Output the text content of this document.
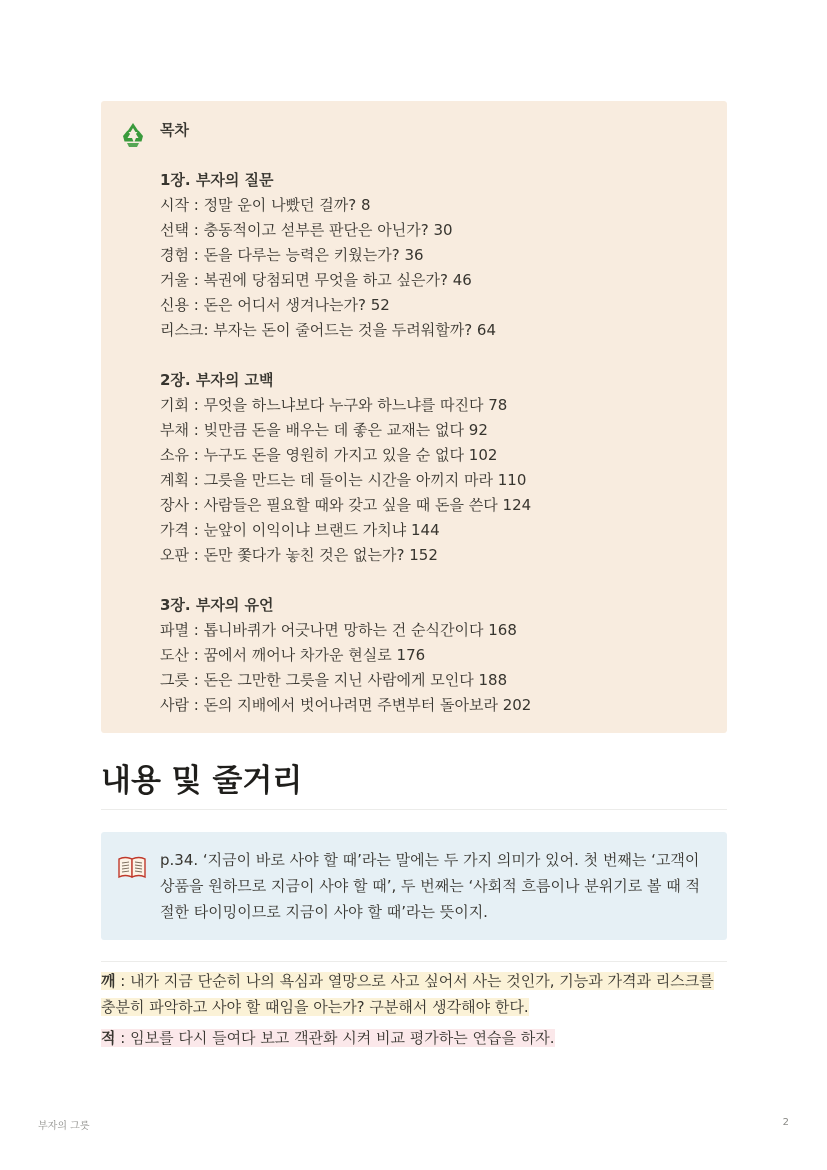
목차
1장. 부자의 질문
시작 : 정말 운이 나빴던 걸까? 8
선택 : 충동적이고 섣부른 판단은 아닌가? 30
경험 : 돈을 다루는 능력은 키웠는가? 36
거울 : 복권에 당첨되면 무엇을 하고 싶은가? 46
신용 : 돈은 어디서 생겨나는가? 52
리스크: 부자는 돈이 줄어드는 것을 두려워할까? 64
2장. 부자의 고백
기회 : 무엇을 하느냐보다 누구와 하느냐를 따진다 78
부채 : 빚만큼 돈을 배우는 데 좋은 교재는 없다 92
소유 : 누구도 돈을 영원히 가지고 있을 순 없다 102
계획 : 그릇을 만드는 데 들이는 시간을 아끼지 마라 110
장사 : 사람들은 필요할 때와 갖고 싶을 때 돈을 쓴다 124
가격 : 눈앞이 이익이냐 브랜드 가치냐 144
오판 : 돈만 쫓다가 놓친 것은 없는가? 152
3장. 부자의 유언
파멸 : 톱니바퀴가 어긋나면 망하는 건 순식간이다 168
도산 : 꿈에서 깨어나 차가운 현실로 176
그릇 : 돈은 그만한 그릇을 지닌 사람에게 모인다 188
사람 : 돈의 지배에서 벗어나려면 주변부터 돌아보라 202
내용 및 줄거리

p.34. ‘지금이 바로 사야 할 때’라는 말에는 두 가지 의미가 있어. 첫 번째는 ‘고객이 상품을 원하므로 지금이 사야 할 때’, 두 번째는 ‘사회적 흐름이나 분위기로 볼 때 적절한 타이밍이므로 지금이 사야 할 때’라는 뜻이지.

깨 : 내가 지금 단순히 나의 욕심과 열망으로 사고 싶어서 사는 것인가, 기능과 가격과 리스크를 충분히 파악하고 사야 할 때임을 아는가? 구분해서 생각해야 한다.

적 : 임보를 다시 들여다 보고 객관화 시켜 비교 평가하는 연습을 하자.

부자의 그릇	2
